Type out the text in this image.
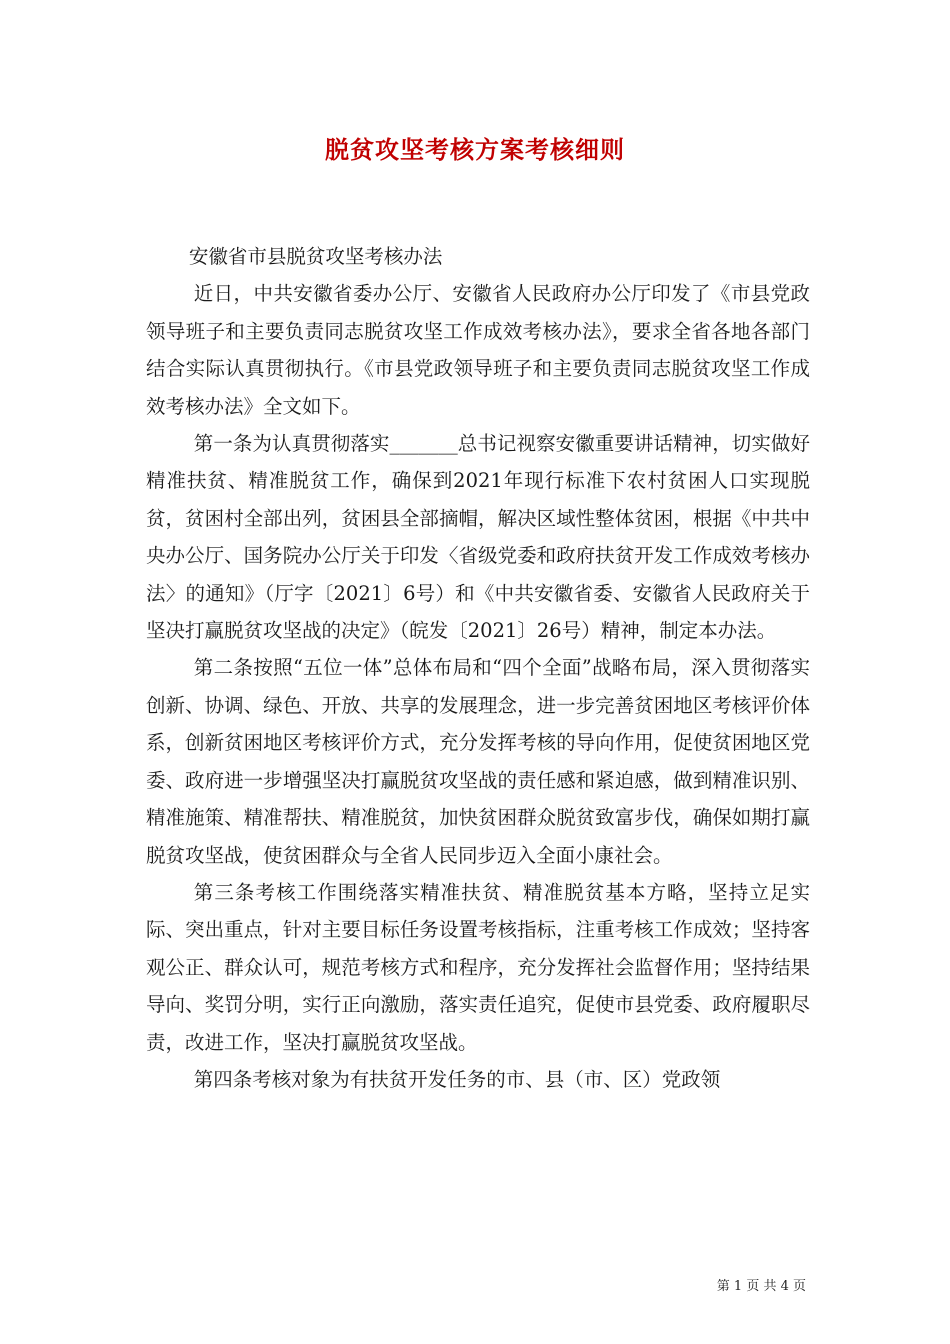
脱贫攻坚考核方案考核细则

安徽省市县脱贫攻坚考核办法

近日，中共安徽省委办公厅、安徽省人民政府办公厅印发了《市县党政领导班子和主要负责同志脱贫攻坚工作成效考核办法》，要求全省各地各部门结合实际认真贯彻执行。《市县党政领导班子和主要负责同志脱贫攻坚工作成效考核办法》全文如下。

第一条为认真贯彻落实_______总书记视察安徽重要讲话精神，切实做好精准扶贫、精准脱贫工作，确保到2021年现行标准下农村贫困人口实现脱贫，贫困村全部出列，贫困县全部摘帽，解决区域性整体贫困，根据《中共中央办公厅、国务院办公厅关于印发〈省级党委和政府扶贫开发工作成效考核办法〉的通知》（厅字〔2021〕6号）和《中共安徽省委、安徽省人民政府关于坚决打赢脱贫攻坚战的决定》（皖发〔2021〕26号）精神，制定本办法。

第二条按照“五位一体”总体布局和“四个全面”战略布局，深入贯彻落实创新、协调、绿色、开放、共享的发展理念，进一步完善贫困地区考核评价体系，创新贫困地区考核评价方式，充分发挥考核的导向作用，促使贫困地区党委、政府进一步增强坚决打赢脱贫攻坚战的责任感和紧迫感，做到精准识别、精准施策、精准帮扶、精准脱贫，加快贫困群众脱贫致富步伐，确保如期打赢脱贫攻坚战，使贫困群众与全省人民同步迈入全面小康社会。

第三条考核工作围绕落实精准扶贫、精准脱贫基本方略，坚持立足实际、突出重点，针对主要目标任务设置考核指标，注重考核工作成效；坚持客观公正、群众认可，规范考核方式和程序，充分发挥社会监督作用；坚持结果导向、奖罚分明，实行正向激励，落实责任追究，促使市县党委、政府履职尽责，改进工作，坚决打赢脱贫攻坚战。

第四条考核对象为有扶贫开发任务的市、县（市、区）党政领

第 1 页 共 4 页
